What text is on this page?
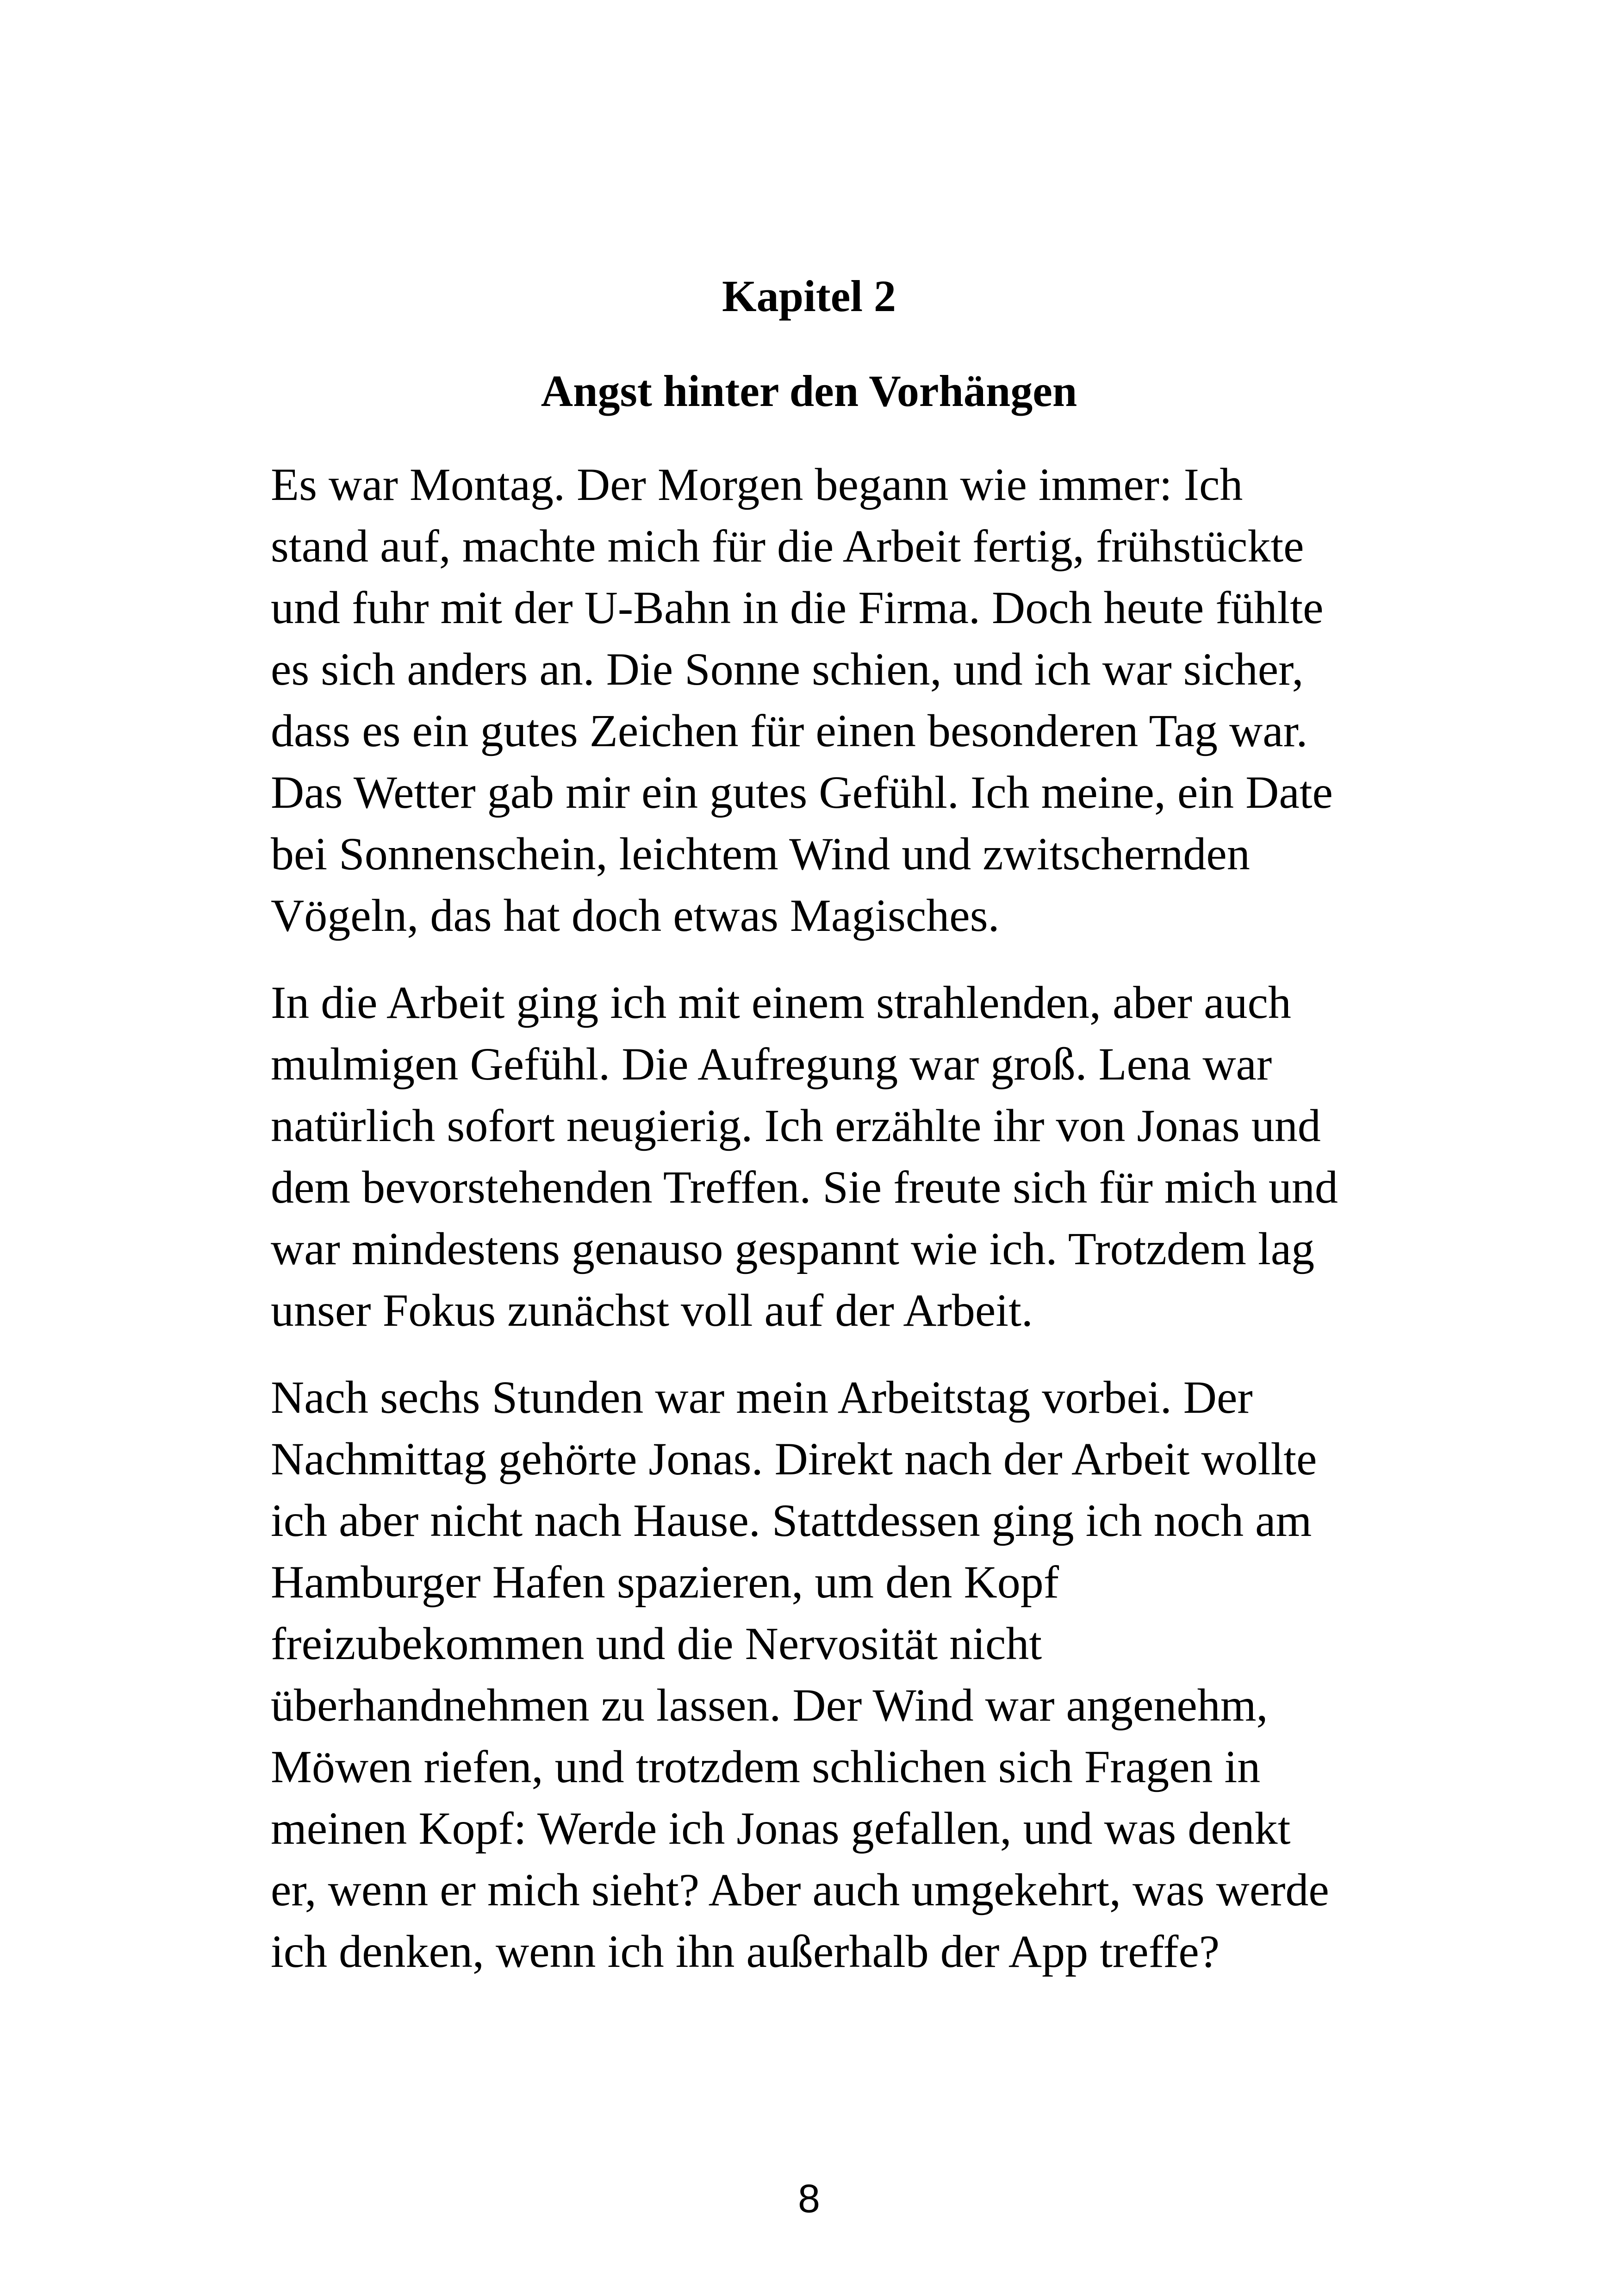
Kapitel 2
Angst hinter den Vorhängen

Es war Montag. Der Morgen begann wie immer: Ich
stand auf, machte mich für die Arbeit fertig, frühstückte
und fuhr mit der U-Bahn in die Firma. Doch heute fühlte
es sich anders an. Die Sonne schien, und ich war sicher,
dass es ein gutes Zeichen für einen besonderen Tag war.
Das Wetter gab mir ein gutes Gefühl. Ich meine, ein Date
bei Sonnenschein, leichtem Wind und zwitschernden
Vögeln, das hat doch etwas Magisches.

In die Arbeit ging ich mit einem strahlenden, aber auch
mulmigen Gefühl. Die Aufregung war groß. Lena war
natürlich sofort neugierig. Ich erzählte ihr von Jonas und
dem bevorstehenden Treffen. Sie freute sich für mich und
war mindestens genauso gespannt wie ich. Trotzdem lag
unser Fokus zunächst voll auf der Arbeit.

Nach sechs Stunden war mein Arbeitstag vorbei. Der
Nachmittag gehörte Jonas. Direkt nach der Arbeit wollte
ich aber nicht nach Hause. Stattdessen ging ich noch am
Hamburger Hafen spazieren, um den Kopf
freizubekommen und die Nervosität nicht
überhandnehmen zu lassen. Der Wind war angenehm,
Möwen riefen, und trotzdem schlichen sich Fragen in
meinen Kopf: Werde ich Jonas gefallen, und was denkt
er, wenn er mich sieht? Aber auch umgekehrt, was werde
ich denken, wenn ich ihn außerhalb der App treffe?

8
